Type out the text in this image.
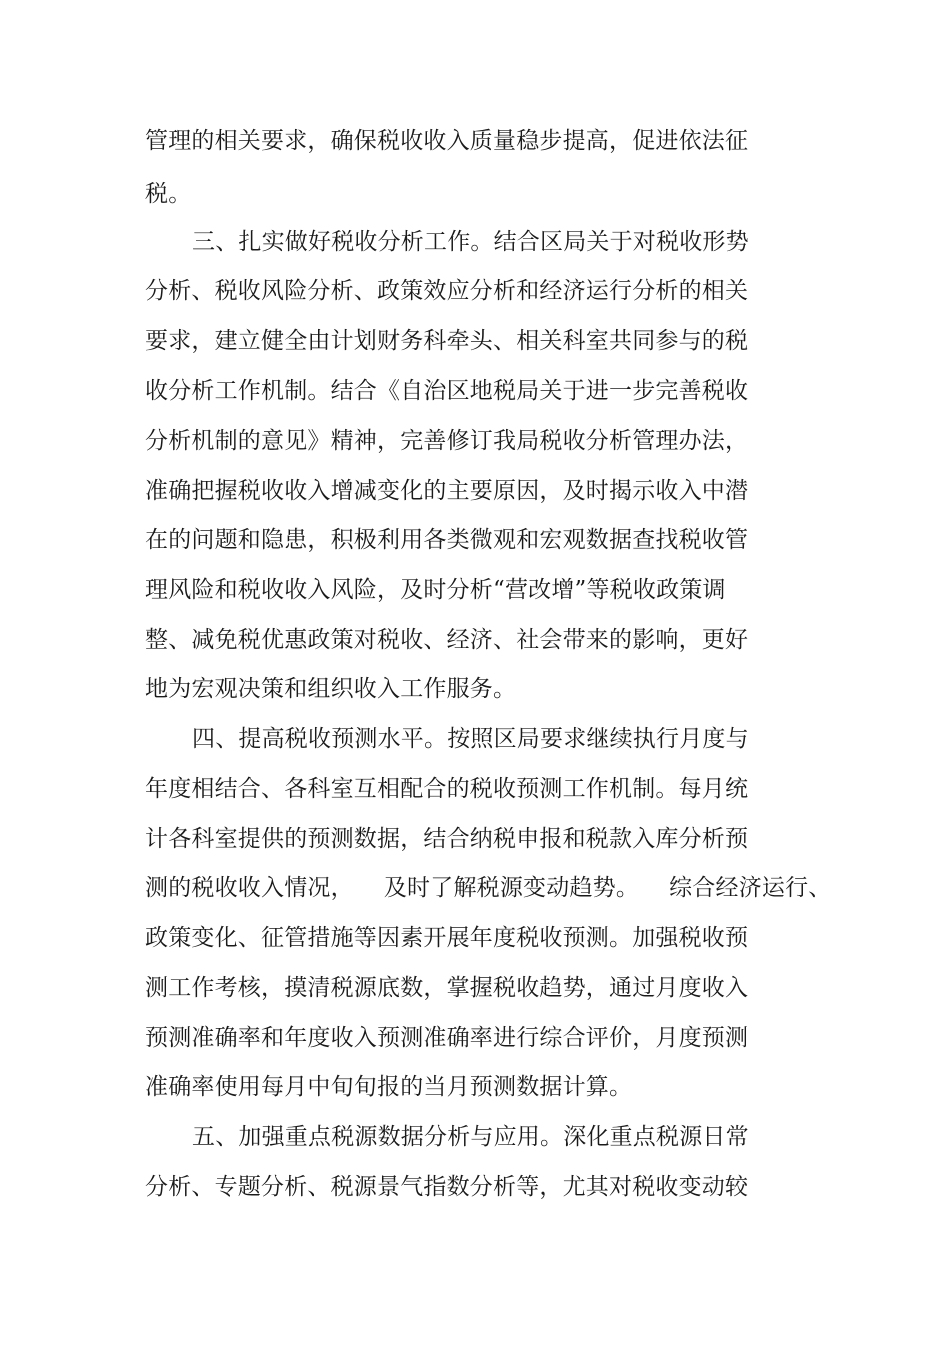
管理的相关要求，确保税收收入质量稳步提高，促进依法征
税。
三、扎实做好税收分析工作。结合区局关于对税收形势
分析、税收风险分析、政策效应分析和经济运行分析的相关
要求，建立健全由计划财务科牵头、相关科室共同参与的税
收分析工作机制。结合《自治区地税局关于进一步完善税收
分析机制的意见》精神，完善修订我局税收分析管理办法，
准确把握税收收入增减变化的主要原因，及时揭示收入中潜
在的问题和隐患，积极利用各类微观和宏观数据查找税收管
理风险和税收收入风险，及时分析“营改增”等税收政策调
整、减免税优惠政策对税收、经济、社会带来的影响，更好
地为宏观决策和组织收入工作服务。
四、提高税收预测水平。按照区局要求继续执行月度与
年度相结合、各科室互相配合的税收预测工作机制。每月统
计各科室提供的预测数据，结合纳税申报和税款入库分析预
测的税收收入情况，    及时了解税源变动趋势。    综合经济运行、
政策变化、征管措施等因素开展年度税收预测。加强税收预
测工作考核，摸清税源底数，掌握税收趋势，通过月度收入
预测准确率和年度收入预测准确率进行综合评价，月度预测
准确率使用每月中旬旬报的当月预测数据计算。
五、加强重点税源数据分析与应用。深化重点税源日常
分析、专题分析、税源景气指数分析等，尤其对税收变动较
